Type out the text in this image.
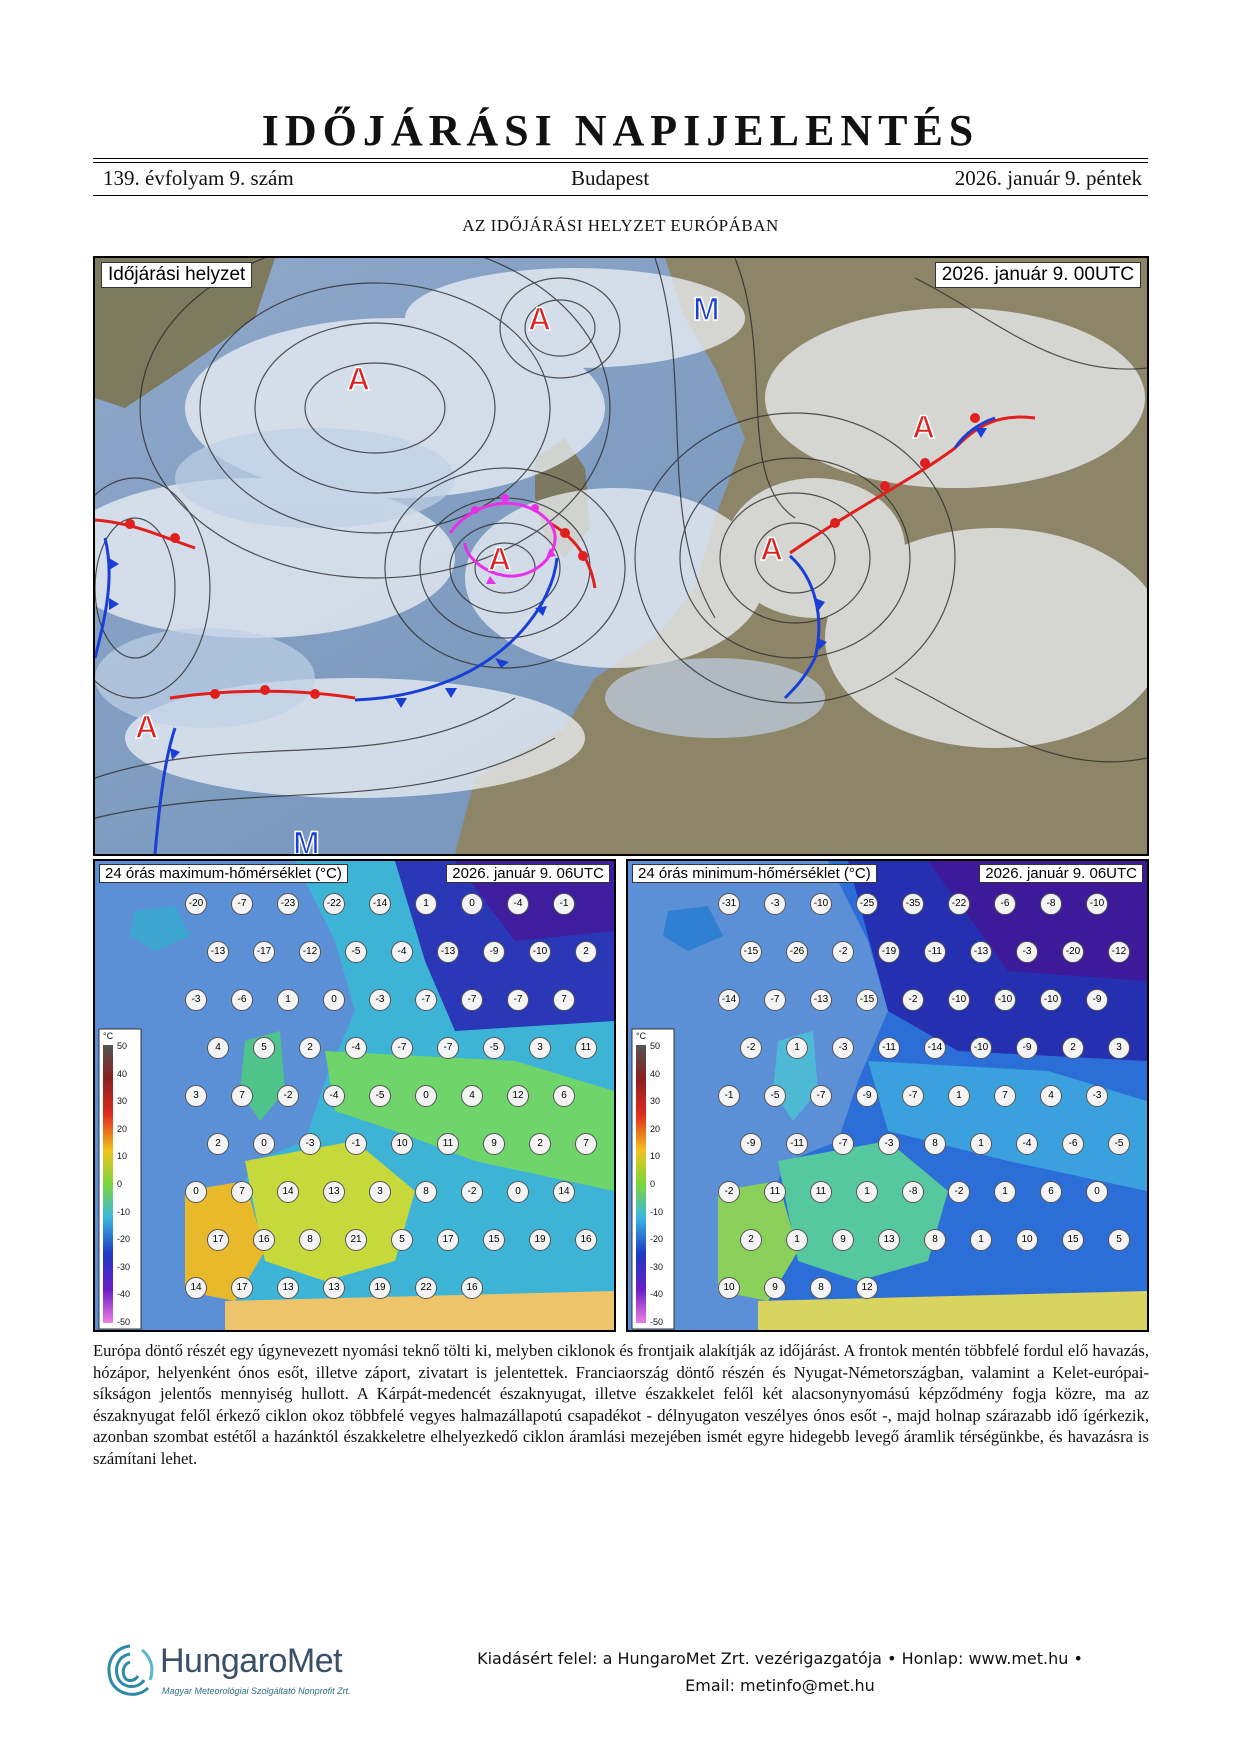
IDŐJÁRÁSI NAPIJELENTÉS
139. évfolyam 9. szám	Budapest	2026. január 9. péntek
AZ IDŐJÁRÁSI HELYZET EURÓPÁBAN
A
A
A	A
A
A
M
M
Időjárási helyzet	2026. január 9. 00UTC
24 órás maximum-hőmérséklet (°C)	2026. január 9. 06UTC
°C
50
40
30
20
10
0
-10
-20
-30
-40
-50
-20	-7	-23	-22	-14	1	0	-4	-1
-13	-17	-12	-5	-4	-13	-9	-10	2
-3	-6	1	0	-3	-7	-7	-7	7
4	5	2	-4	-7	-7	-5	3	11
3	7	-2	-4	-5	0	4	12	6
2	0	-3	-1	10	11	9	2	7
0	7	14	13	3	8	-2	0	14
17	16	8	21	5	17	15	19	16
14	17	13	13	19	22	16
24 órás minimum-hőmérséklet (°C)	2026. január 9. 06UTC
°C
50
40
30
20
10
0
-10
-20
-30
-40
-50
-31	-3	-10	-25	-35	-22	-6	-8	-10
-15	-26	-2	-19	-11	-13	-3	-20	-12
-14	-7	-13	-15	-2	-10	-10	-10	-9
-2	1	-3	-11	-14	-10	-9	2	3
-1	-5	-7	-9	-7	1	7	4	-3
-9	-11	-7	-3	8	1	-4	-6	-5
-2	11	11	1	-8	-2	1	6	0
2	1	9	13	8	1	10	15	5
10	9	8	12
Európa döntő részét egy úgynevezett nyomási teknő tölti ki, melyben ciklonok és frontjaik alakítják az időjárást. A frontok mentén többfelé fordul elő havazás, hózápor, helyenként ónos esőt, illetve záport, zivatart is jelentettek. Franciaország döntő részén és Nyugat-Németországban, valamint a Kelet-európai-síkságon jelentős mennyiség hullott. A Kárpát-medencét északnyugat, illetve északkelet felől két alacsonynyomású képződmény fogja közre, ma az északnyugat felől érkező ciklon okoz többfelé vegyes halmazállapotú csapadékot - délnyugaton veszélyes ónos esőt -, majd holnap szárazabb idő ígérkezik, azonban szombat estétől a hazánktól északkeletre elhelyezkedő ciklon áramlási mezejében ismét egyre hidegebb levegő áramlik térségünkbe, és havazásra is számítani lehet.
HungaroMet
Magyar Meteorológiai Szolgáltató Nonprofit Zrt.
Kiadásért felel: a HungaroMet Zrt. vezérigazgatója • Honlap: www.met.hu •
Email: metinfo@met.hu
